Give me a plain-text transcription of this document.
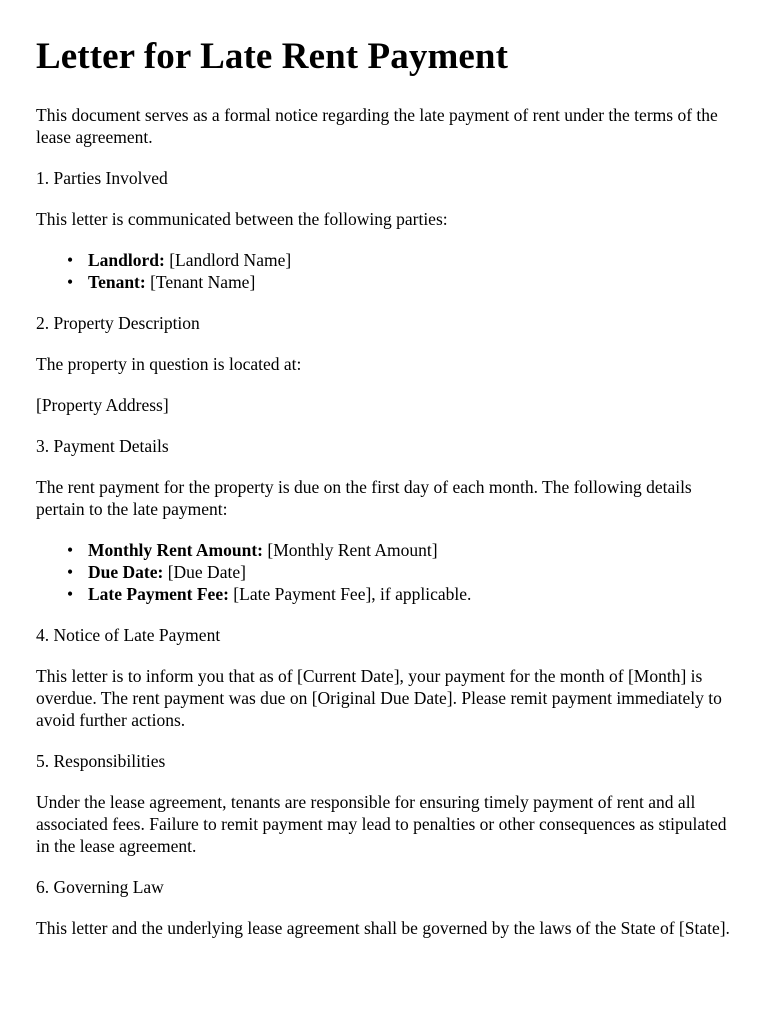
Letter for Late Rent Payment

This document serves as a formal notice regarding the late payment of rent under the terms of the lease agreement.

1. Parties Involved

This letter is communicated between the following parties:

• Landlord: [Landlord Name]
• Tenant: [Tenant Name]

2. Property Description

The property in question is located at:

[Property Address]

3. Payment Details

The rent payment for the property is due on the first day of each month. The following details pertain to the late payment:

• Monthly Rent Amount: [Monthly Rent Amount]
• Due Date: [Due Date]
• Late Payment Fee: [Late Payment Fee], if applicable.

4. Notice of Late Payment

This letter is to inform you that as of [Current Date], your payment for the month of [Month] is overdue. The rent payment was due on [Original Due Date]. Please remit payment immediately to avoid further actions.

5. Responsibilities

Under the lease agreement, tenants are responsible for ensuring timely payment of rent and all associated fees. Failure to remit payment may lead to penalties or other consequences as stipulated in the lease agreement.

6. Governing Law

This letter and the underlying lease agreement shall be governed by the laws of the State of [State].
